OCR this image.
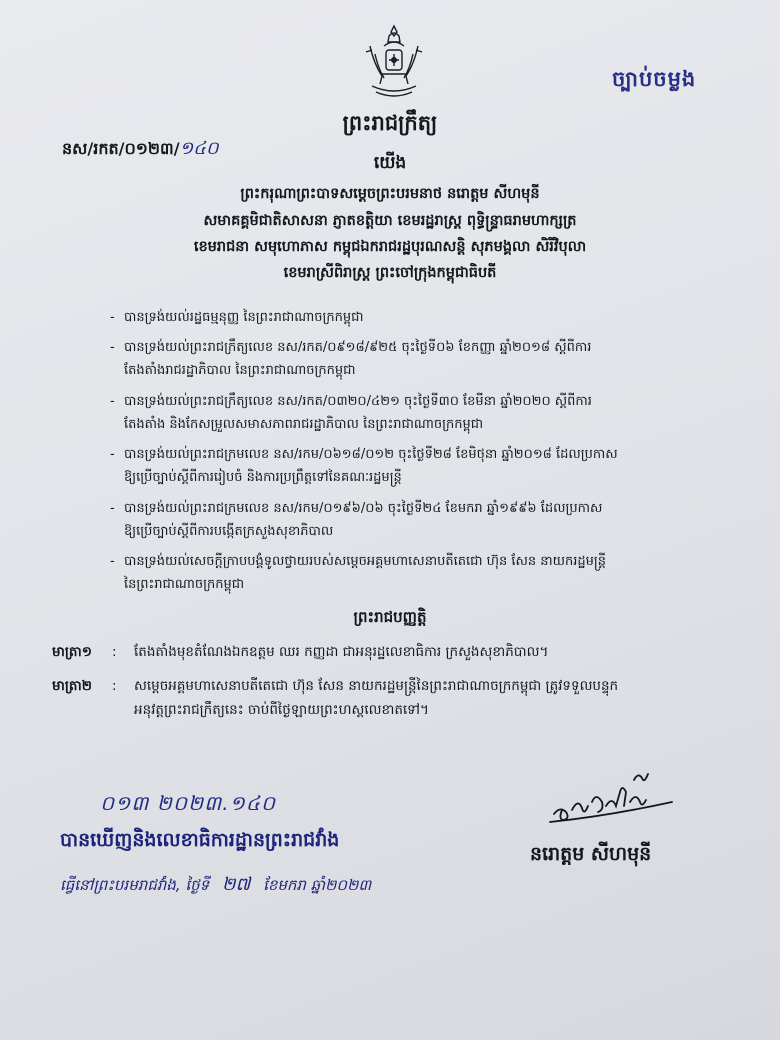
ច្បាប់ចម្លង
ព្រះរាជក្រឹត្យ
នស/រកត/០១២៣/១៤០
យើង
ព្រះករុណាព្រះបាទសម្ដេចព្រះបរមនាថ នរោត្តម សីហមុនី
សមាគគ្គមិជាតិសាសនា ភ្ញាតខត្តិយា ខេមរដ្ឋរាស្ត្រ ពុទ្ធិន្ទ្រាធរាមហាក្សត្រ
ខេមរាជនា សមុហោភាស កម្ពុជឯករាជរដ្ឋបុរណសន្តិ សុភមង្គលា សិរីវិបុលា
ខេមរាស្រីពិរាស្ត្រ ព្រះចៅក្រុងកម្ពុជាធិបតី
- បានទ្រង់យល់រដ្ឋធម្មនុញ្ញ នៃព្រះរាជាណាចក្រកម្ពុជា
- បានទ្រង់យល់ព្រះរាជក្រឹត្យលេខ នស/រកត/០៩១៨/៩២៥ ចុះថ្ងៃទី០៦ ខែកញ្ញា ឆ្នាំ២០១៨ ស្ដីពីការ
តែងតាំងរាជរដ្ឋាភិបាល នៃព្រះរាជាណាចក្រកម្ពុជា
- បានទ្រង់យល់ព្រះរាជក្រឹត្យលេខ នស/រកត/០៣២០/៤២១ ចុះថ្ងៃទី៣០ ខែមីនា ឆ្នាំ២០២០ ស្ដីពីការ
តែងតាំង និងកែសម្រួលសមាសភាពរាជរដ្ឋាភិបាល នៃព្រះរាជាណាចក្រកម្ពុជា
- បានទ្រង់យល់ព្រះរាជក្រមលេខ នស/រកម/០៦១៨/០១២ ចុះថ្ងៃទី២៨ ខែមិថុនា ឆ្នាំ២០១៨ ដែលប្រកាស
ឱ្យប្រើច្បាប់ស្ដីពីការរៀបចំ និងការប្រព្រឹត្តទៅនៃគណៈរដ្ឋមន្ត្រី
- បានទ្រង់យល់ព្រះរាជក្រមលេខ នស/រកម/០១៩៦/០៦ ចុះថ្ងៃទី២៤ ខែមករា ឆ្នាំ១៩៩៦ ដែលប្រកាស
ឱ្យប្រើច្បាប់ស្ដីពីការបង្កើតក្រសួងសុខាភិបាល
- បានទ្រង់យល់សេចក្ដីក្រាបបង្គំទូលថ្វាយរបស់សម្ដេចអគ្គមហាសេនាបតីតេជោ ហ៊ុន សែន នាយករដ្ឋមន្ត្រី
នៃព្រះរាជាណាចក្រកម្ពុជា
ព្រះរាជបញ្ញត្តិ
មាត្រា១ : តែងតាំងមុខតំណែងឯកឧត្ដម ឈរ កញ្ញដា ជាអនុរដ្ឋលេខាធិការ ក្រសួងសុខាភិបាល។
មាត្រា២ : សម្ដេចអគ្គមហាសេនាបតីតេជោ ហ៊ុន សែន នាយករដ្ឋមន្ត្រីនៃព្រះរាជាណាចក្រកម្ពុជា ត្រូវទទួលបន្ទុក
អនុវត្តព្រះរាជក្រឹត្យនេះ ចាប់ពីថ្ងៃឡាយព្រះហស្ដលេខាតទៅ។
០១៣ ២០២៣.១៤០
បានឃើញនិងលេខាធិការដ្ឋានព្រះរាជវាំង
ធ្វើនៅព្រះបរមរាជវាំង, ថ្ងៃទី ២៧ ខែមករា ឆ្នាំ២០២៣
នរោត្តម សីហមុនី
